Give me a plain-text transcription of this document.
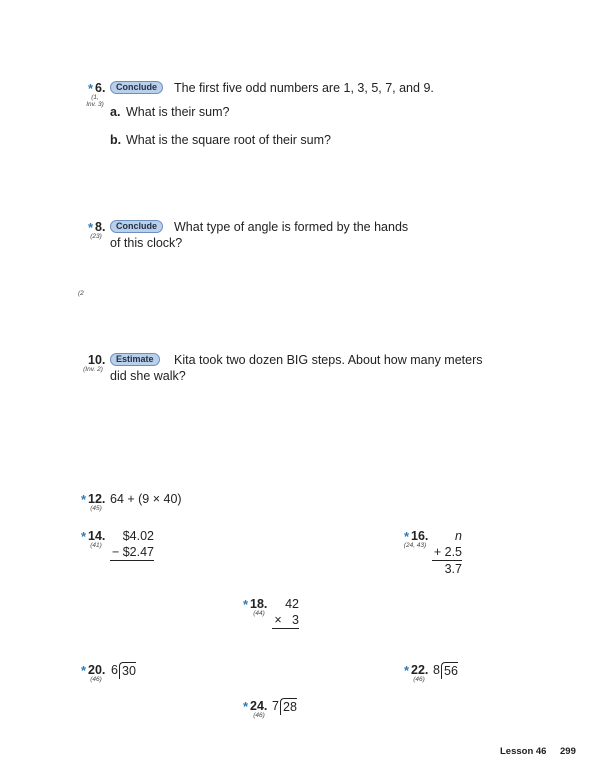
* 6.
(1,
Inv. 3)
Conclude	The first five odd numbers are 1, 3, 5, 7, and 9.
a. What is their sum?
b. What is the square root of their sum?
* 8.
(23)
Conclude	What type of angle is formed by the hands
of this clock?
(2
10.
(Inv. 2)
Estimate	Kita took two dozen BIG steps. About how many meters
did she walk?
* 12.
(45)
64 + (9 × 40)
* 14.
(41)
$4.02
− $2.47
* 16.
(24, 43)
n
+ 2.5
3.7
* 18.
(44)
42
×   3
* 20.
(46)
6 30	* 22.
(46)
8 56
* 24.
(46)
7 28
Lesson 46 299
